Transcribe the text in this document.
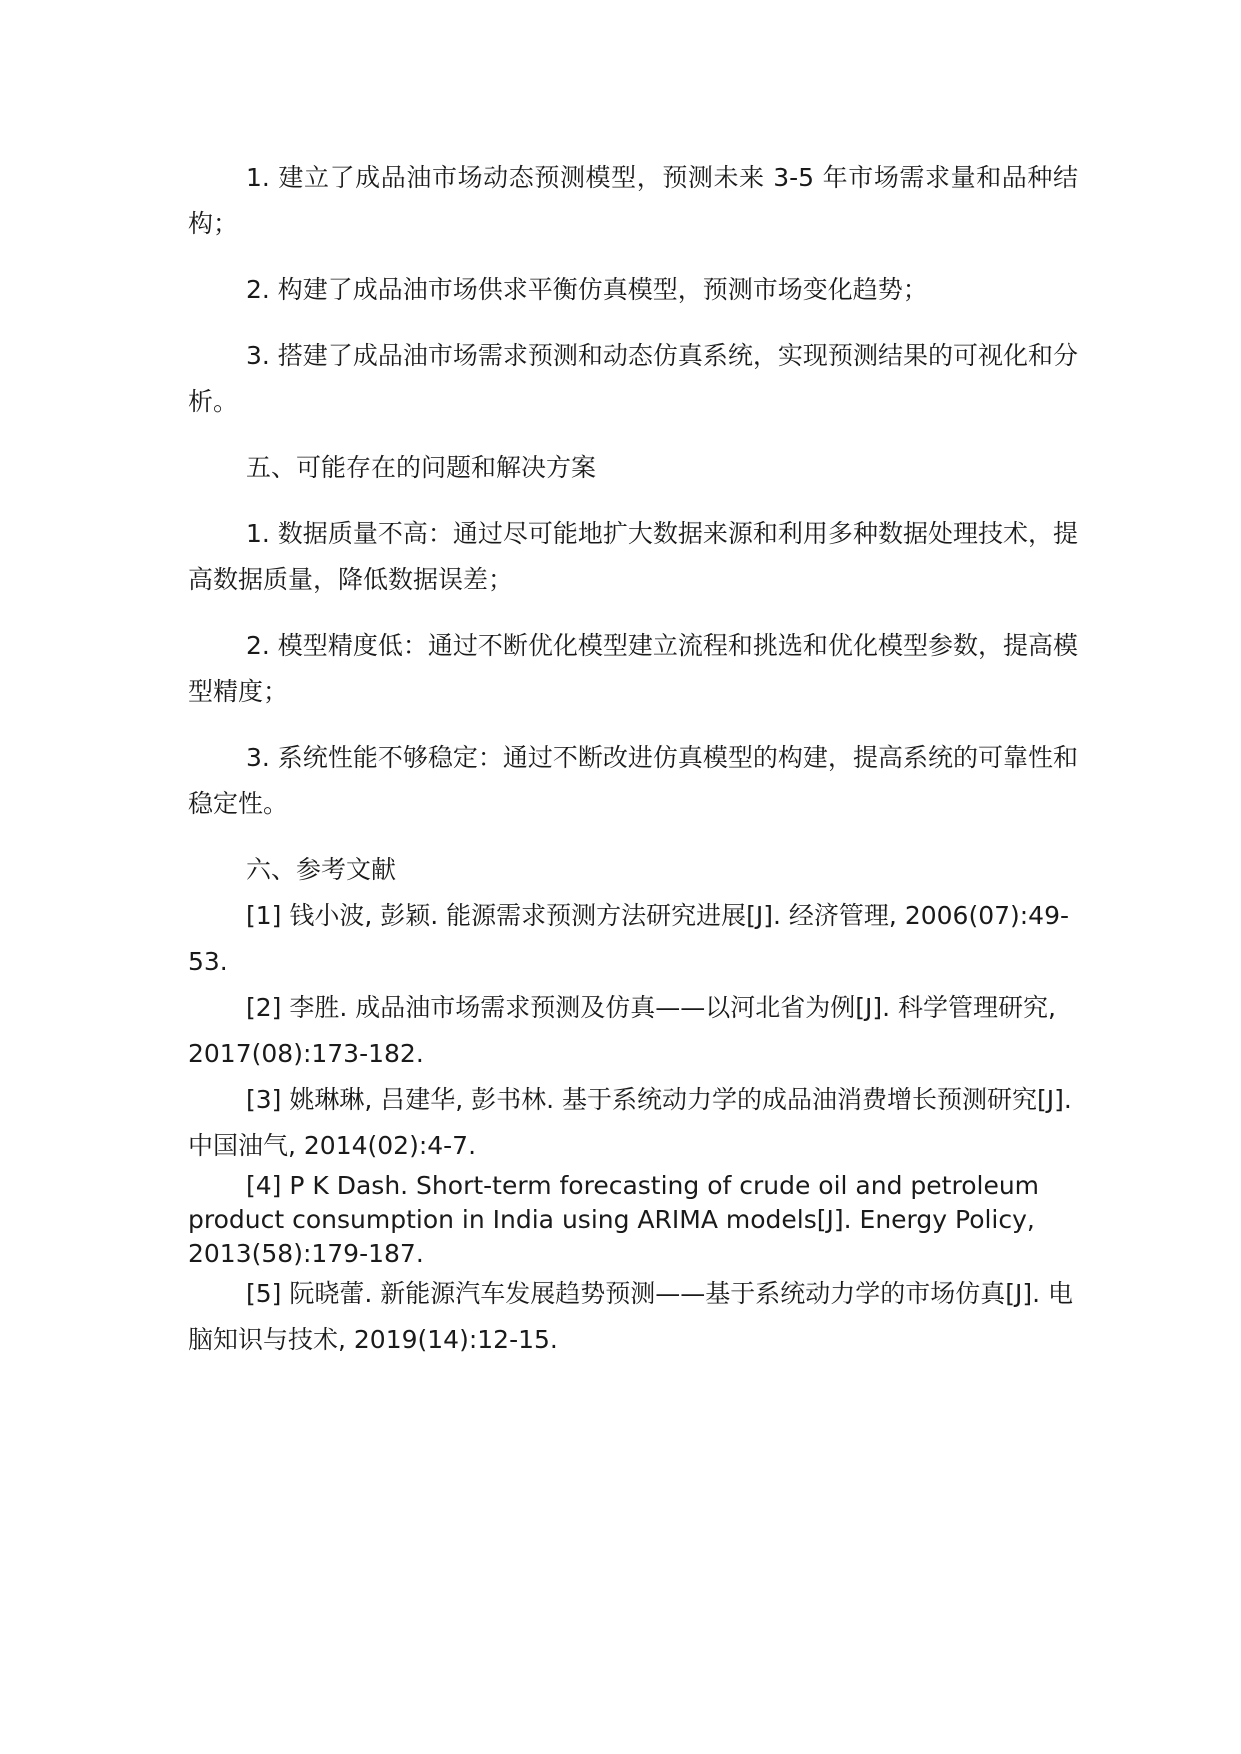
1. 建立了成品油市场动态预测模型，预测未来 3-5 年市场需求量和品种结构；

2. 构建了成品油市场供求平衡仿真模型，预测市场变化趋势；

3. 搭建了成品油市场需求预测和动态仿真系统，实现预测结果的可视化和分析。

五、可能存在的问题和解决方案

1. 数据质量不高：通过尽可能地扩大数据来源和利用多种数据处理技术，提高数据质量，降低数据误差；

2. 模型精度低：通过不断优化模型建立流程和挑选和优化模型参数，提高模型精度；

3. 系统性能不够稳定：通过不断改进仿真模型的构建，提高系统的可靠性和稳定性。

六、参考文献

[1] 钱小波, 彭颖. 能源需求预测方法研究进展[J]. 经济管理, 2006(07):49-53.

[2] 李胜. 成品油市场需求预测及仿真——以河北省为例[J]. 科学管理研究, 2017(08):173-182.

[3] 姚琳琳, 吕建华, 彭书林. 基于系统动力学的成品油消费增长预测研究[J]. 中国油气, 2014(02):4-7.

[4] P K Dash. Short-term forecasting of crude oil and petroleum product consumption in India using ARIMA models[J]. Energy Policy, 2013(58):179-187.

[5] 阮晓蕾. 新能源汽车发展趋势预测——基于系统动力学的市场仿真[J]. 电脑知识与技术, 2019(14):12-15.
